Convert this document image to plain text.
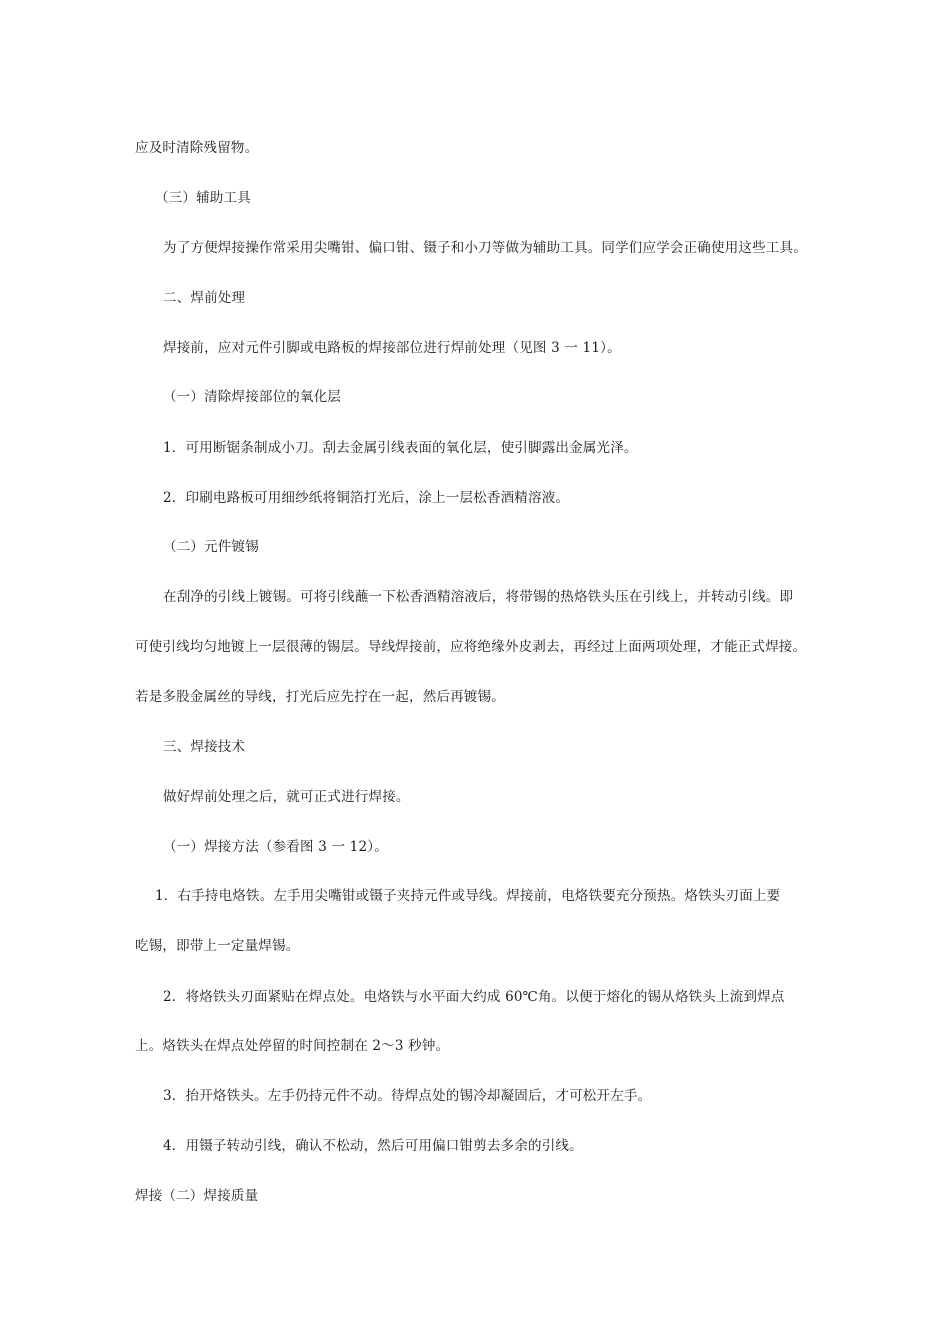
应及时清除残留物。

（三）辅助工具

为了方便焊接操作常采用尖嘴钳、偏口钳、镊子和小刀等做为辅助工具。同学们应学会正确使用这些工具。

二、焊前处理

焊接前，应对元件引脚或电路板的焊接部位进行焊前处理（见图 3 一 11）。

（一）清除焊接部位的氧化层

1．可用断锯条制成小刀。刮去金属引线表面的氧化层，使引脚露出金属光泽。

2．印刷电路板可用细纱纸将铜箔打光后，涂上一层松香酒精溶液。

（二）元件镀锡

在刮净的引线上镀锡。可将引线蘸一下松香酒精溶液后，将带锡的热烙铁头压在引线上，并转动引线。即

可使引线均匀地镀上一层很薄的锡层。导线焊接前，应将绝缘外皮剥去，再经过上面两项处理，才能正式焊接。

若是多股金属丝的导线，打光后应先拧在一起，然后再镀锡。

三、焊接技术

做好焊前处理之后，就可正式进行焊接。

（一）焊接方法（参看图 3 一 12）。

1．右手持电烙铁。左手用尖嘴钳或镊子夹持元件或导线。焊接前，电烙铁要充分预热。烙铁头刃面上要

吃锡，即带上一定量焊锡。

2．将烙铁头刃面紧贴在焊点处。电烙铁与水平面大约成 60℃角。以便于熔化的锡从烙铁头上流到焊点

上。烙铁头在焊点处停留的时间控制在 2～3 秒钟。

3．抬开烙铁头。左手仍持元件不动。待焊点处的锡冷却凝固后，才可松开左手。

4．用镊子转动引线，确认不松动，然后可用偏口钳剪去多余的引线。

焊接（二）焊接质量
